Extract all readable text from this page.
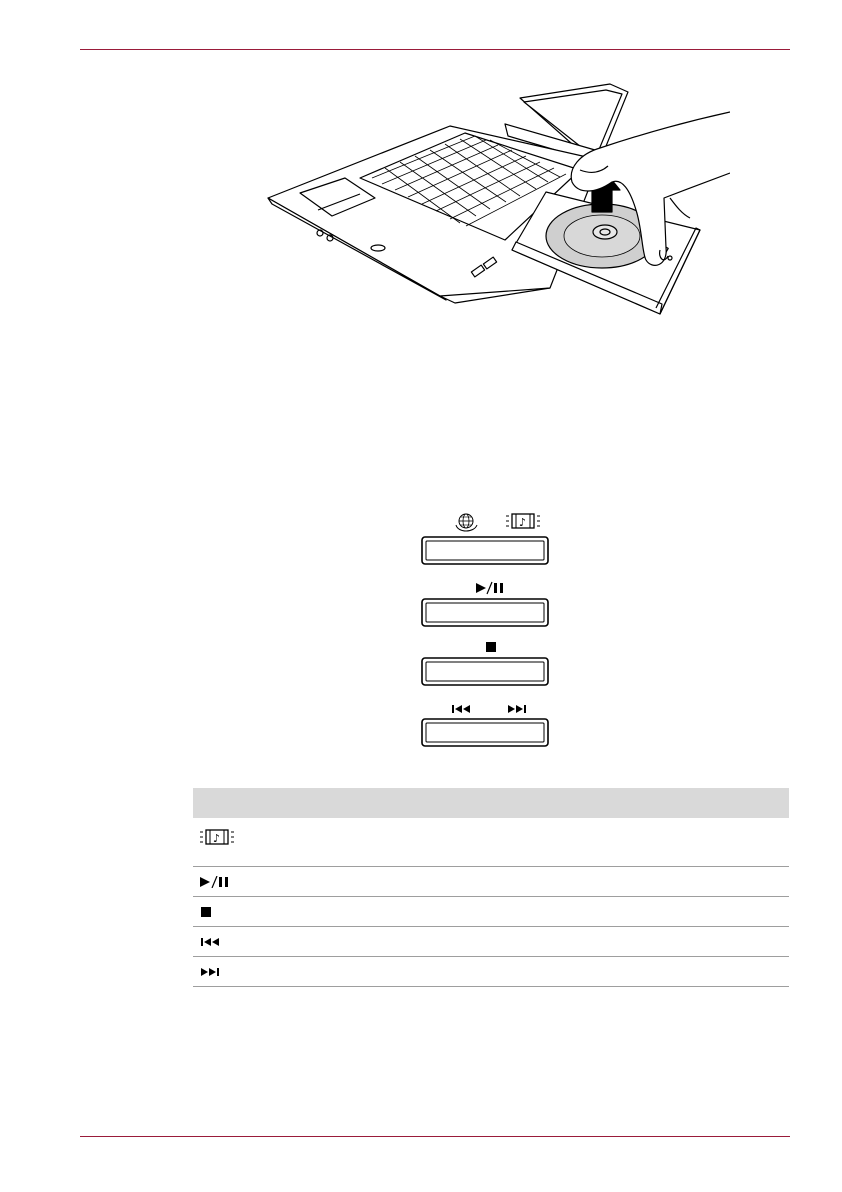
♪
♪
